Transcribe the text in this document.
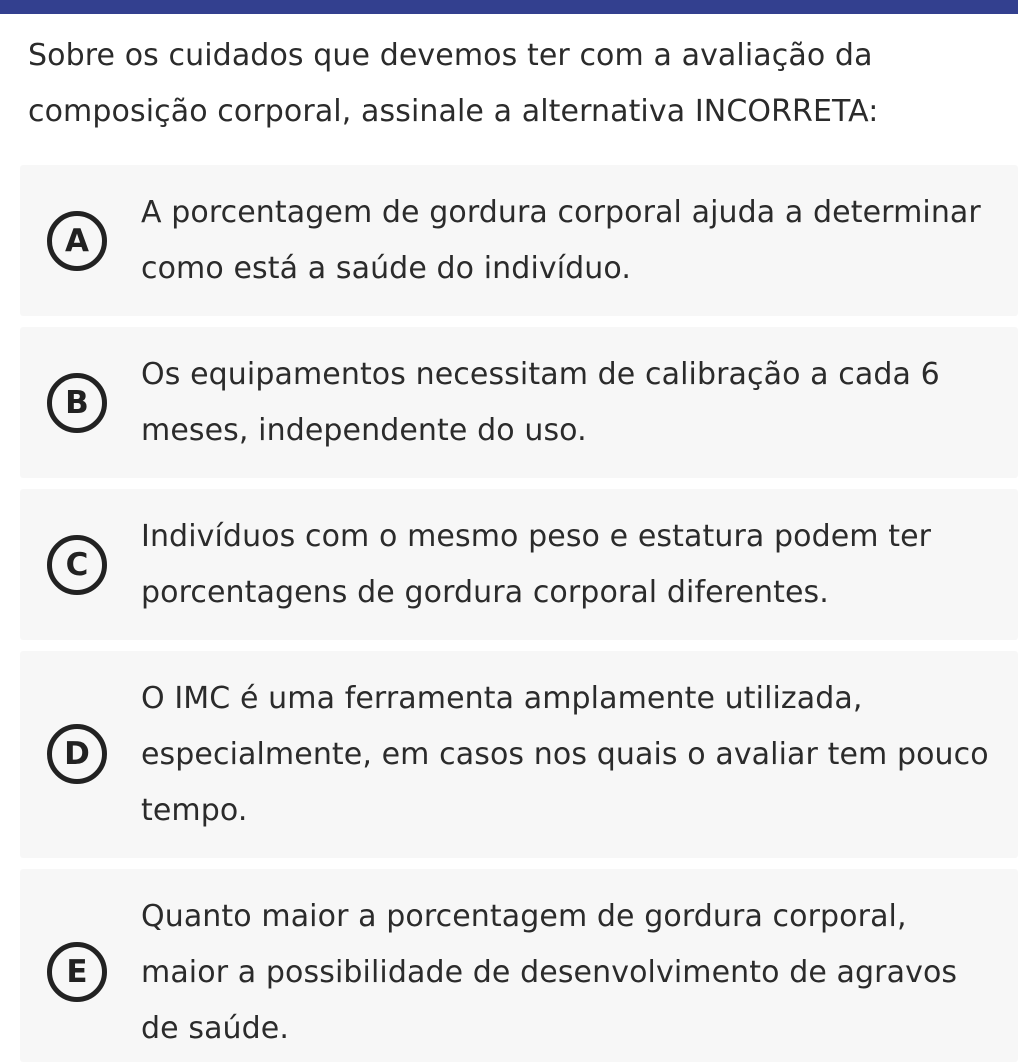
Sobre os cuidados que devemos ter com a avaliação da composição corporal, assinale a alternativa INCORRETA:
A
A porcentagem de gordura corporal ajuda a determinar como está a saúde do indivíduo.
B
Os equipamentos necessitam de calibração a cada 6 meses, independente do uso.
C
Indivíduos com o mesmo peso e estatura podem ter porcentagens de gordura corporal diferentes.
D
O IMC é uma ferramenta amplamente utilizada, especialmente, em casos nos quais o avaliar tem pouco tempo.
E
Quanto maior a porcentagem de gordura corporal, maior a possibilidade de desenvolvimento de agravos de saúde.
